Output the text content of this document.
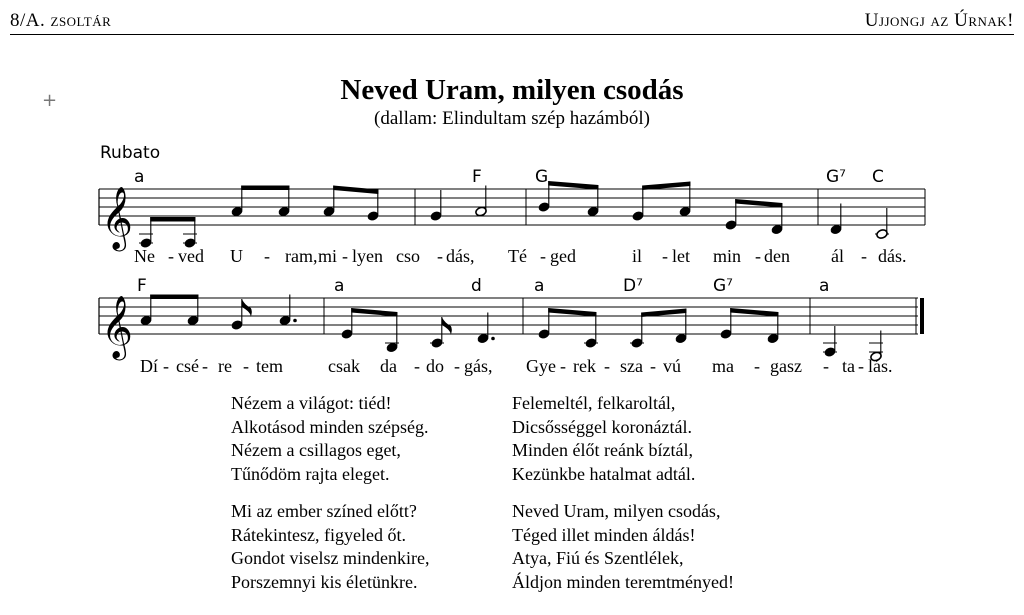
8/A. zsoltár	Ujjongj az Úrnak!
+	Neved Uram, milyen csodás
(dallam: Elindultam szép hazámból)
Rubato
𝄞
𝄞
a	F	G	G⁷ C
F	a	d	a	D⁷	G⁷	a
Ne - ved U - ram, mi - lyen cso - dás, Té - ged	il - let min - den ál - dás.
Dí - csé - re - tem	csak da - do - gás, Gye - rek - sza - vú ma - gasz - ta - lás.
Nézem a világot: tiéd!
Alkotásod minden szépség.
Nézem a csillagos eget,
Tűnődöm rajta eleget.
Mi az ember színed előtt?
Rátekintesz, figyeled őt.
Gondot viselsz mindenkire,
Porszemnyi kis életünkre.
Felemeltél, felkaroltál,
Dicsősséggel koronáztál.
Minden élőt reánk bíztál,
Kezünkbe hatalmat adtál.
Neved Uram, milyen csodás,
Téged illet minden áldás!
Atya, Fiú és Szentlélek,
Áldjon minden teremtményed!
